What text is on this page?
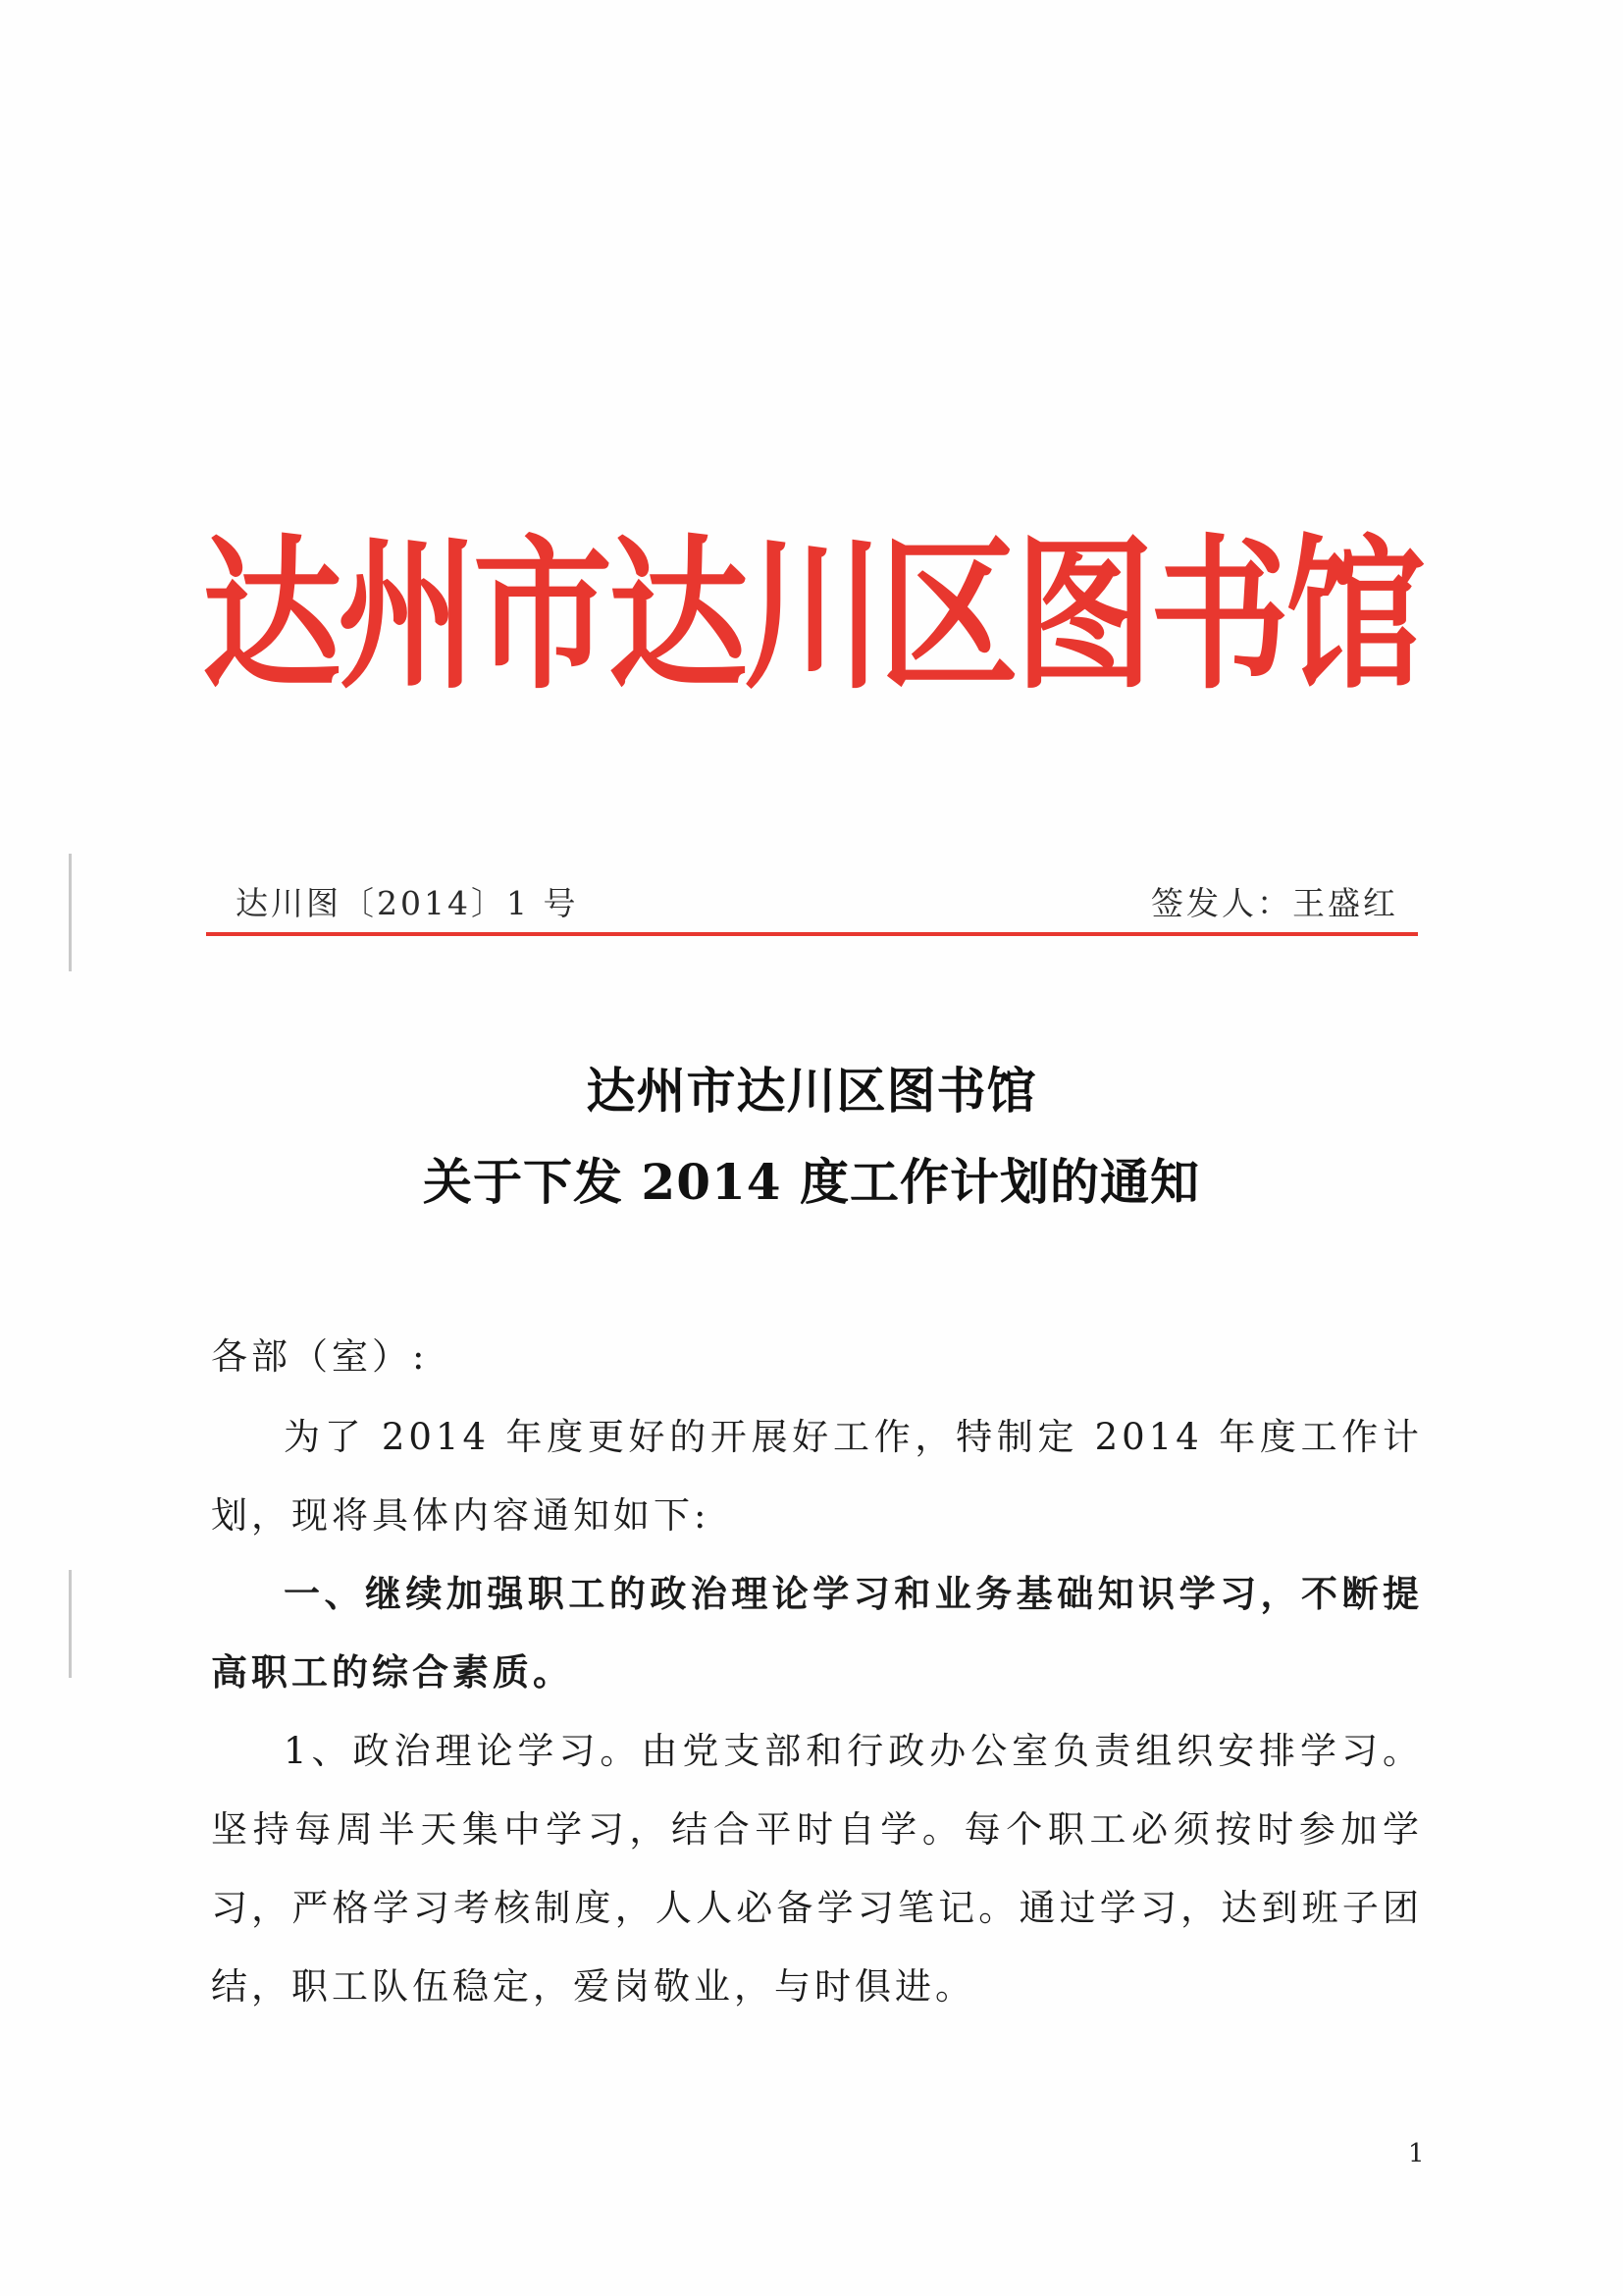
达州市达川区图书馆
达川图〔2014〕1 号	签发人：王盛红
达州市达川区图书馆
关于下发 2014 度工作计划的通知
各部（室）:

为了 2014 年度更好的开展好工作，特制定 2014 年度工作计划，现将具体内容通知如下:

一、继续加强职工的政治理论学习和业务基础知识学习，不断提高职工的综合素质。

1、政治理论学习。由党支部和行政办公室负责组织安排学习。坚持每周半天集中学习，结合平时自学。每个职工必须按时参加学习，严格学习考核制度，人人必备学习笔记。通过学习，达到班子团结，职工队伍稳定，爱岗敬业，与时俱进。

1
